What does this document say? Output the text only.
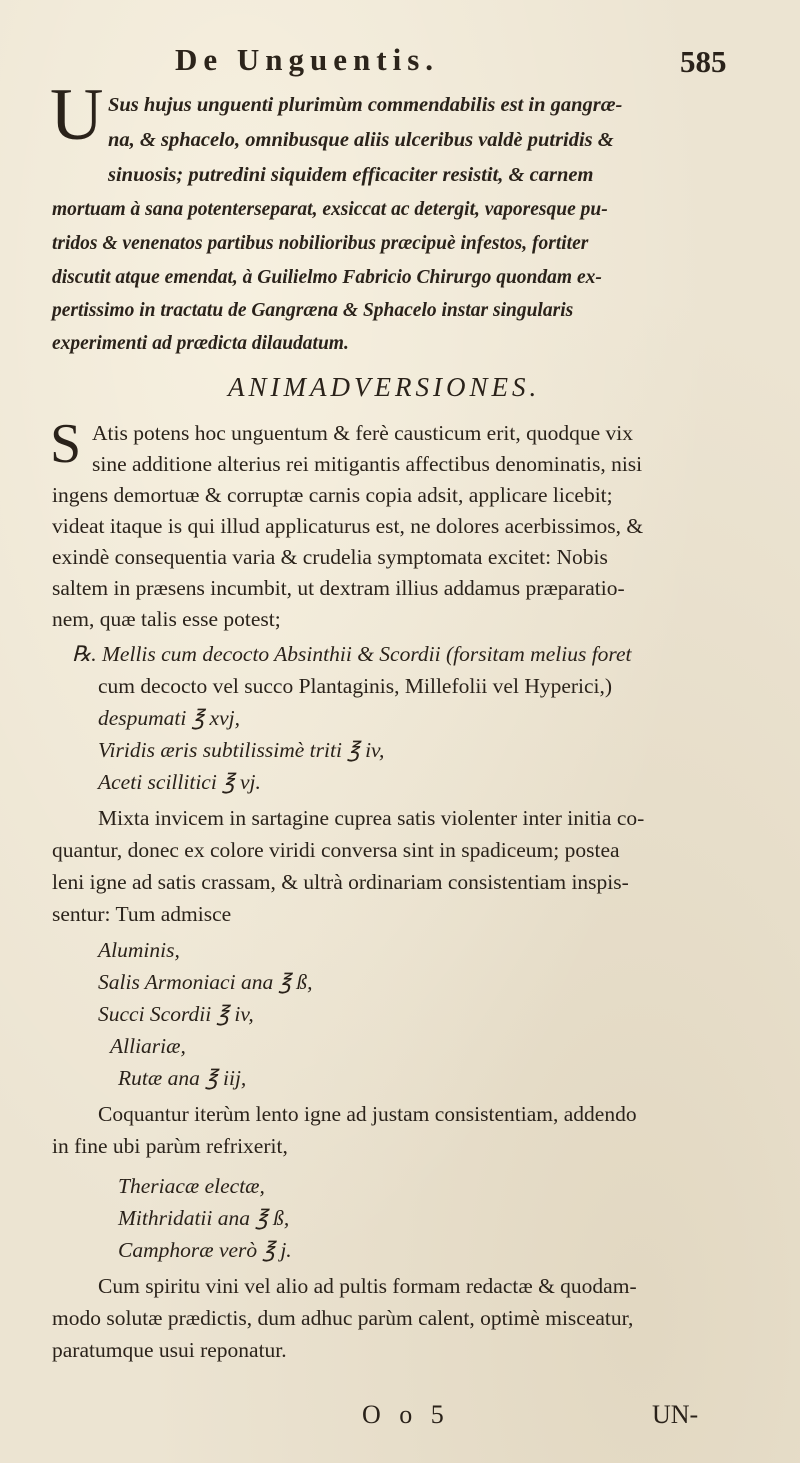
De Unguentis.	585
U Sus hujus unguenti plurimùm commendabilis est in gangræ-
na, & sphacelo, omnibusque aliis ulceribus valdè putridis &
sinuosis; putredini siquidem efficaciter resistit, & carnem
mortuam à sana potenterseparat, exsiccat ac detergit, vaporesque pu-
tridos & venenatos partibus nobilioribus præcipuè infestos, fortiter
discutit atque emendat, à Guilielmo Fabricio Chirurgo quondam ex-
pertissimo in tractatu de Gangræna & Sphacelo instar singularis
experimenti ad prædicta dilaudatum.
ANIMADVERSIONES.
S Atis potens hoc unguentum & ferè causticum erit, quodque vix
sine additione alterius rei mitigantis affectibus denominatis, nisi
ingens demortuæ & corruptæ carnis copia adsit, applicare licebit;
videat itaque is qui illud applicaturus est, ne dolores acerbissimos, &
exindè consequentia varia & crudelia symptomata excitet: Nobis
saltem in præsens incumbit, ut dextram illius addamus præparatio-
nem, quæ talis esse potest;
℞. Mellis cum decocto Absinthii & Scordii (forsitam melius foret
cum decocto vel succo Plantaginis, Millefolii vel Hyperici,)
despumati ℥ xvj,
Viridis æris subtilissimè triti ℥ iv,
Aceti scillitici ℥ vj.
Mixta invicem in sartagine cuprea satis violenter inter initia co-
quantur, donec ex colore viridi conversa sint in spadiceum; postea
leni igne ad satis crassam, & ultrà ordinariam consistentiam inspis-
sentur: Tum admisce
Aluminis,
Salis Armoniaci ana ℥ ß,
Succi Scordii ℥ iv,
Alliariæ,
Rutæ ana ℥ iij,
Coquantur iterùm lento igne ad justam consistentiam, addendo
in fine ubi parùm refrixerit,
Theriacæ electæ,
Mithridatii ana ℥ ß,
Camphoræ verò ℥ j.
Cum spiritu vini vel alio ad pultis formam redactæ & quodam-
modo solutæ prædictis, dum adhuc parùm calent, optimè misceatur,
paratumque usui reponatur.
O o 5	UN-
